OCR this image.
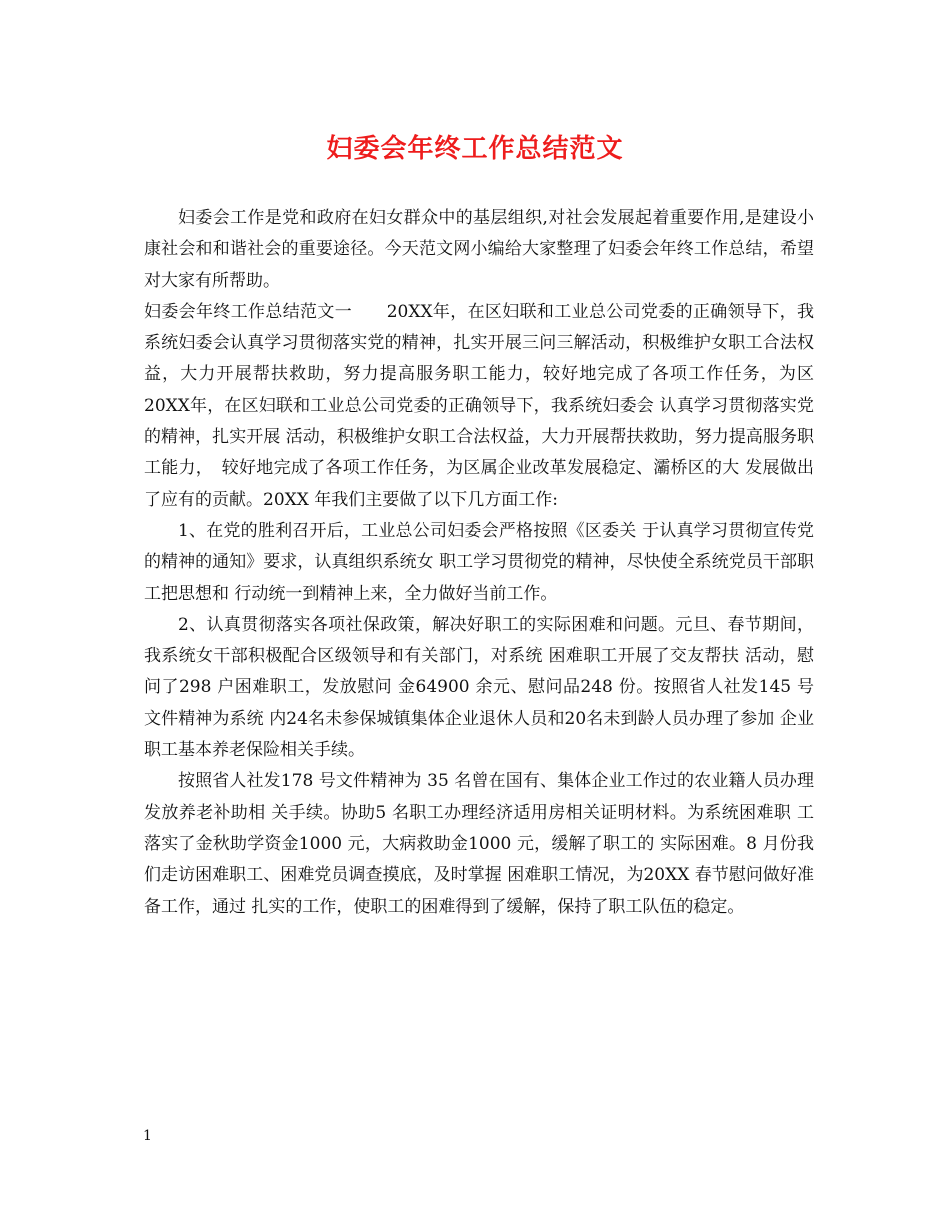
妇委会年终工作总结范文

妇委会工作是党和政府在妇女群众中的基层组织,对社会发展起着重要作用,是建设小康社会和和谐社会的重要途径。今天范文网小编给大家整理了妇委会年终工作总结，希望对大家有所帮助。

妇委会年终工作总结范文一　　20XX年，在区妇联和工业总公司党委的正确领导下，我系统妇委会认真学习贯彻落实党的精神，扎实开展三问三解活动，积极维护女职工合法权益，大力开展帮扶救助，努力提高服务职工能力，较好地完成了各项工作任务，为区 20XX年，在区妇联和工业总公司党委的正确领导下，我系统妇委会 认真学习贯彻落实党的精神，扎实开展 活动，积极维护女职工合法权益，大力开展帮扶救助，努力提高服务职工能力，　较好地完成了各项工作任务，为区属企业改革发展稳定、灞桥区的大 发展做出了应有的贡献。20XX 年我们主要做了以下几方面工作:

1、在党的胜利召开后，工业总公司妇委会严格按照《区委关 于认真学习贯彻宣传党的精神的通知》要求，认真组织系统女 职工学习贯彻党的精神，尽快使全系统党员干部职工把思想和 行动统一到精神上来，全力做好当前工作。

2、认真贯彻落实各项社保政策，解决好职工的实际困难和问题。元旦、春节期间，我系统女干部积极配合区级领导和有关部门，对系统 困难职工开展了交友帮扶 活动，慰问了298 户困难职工，发放慰问 金64900 余元、慰问品248 份。按照省人社发145 号文件精神为系统 内24名未参保城镇集体企业退休人员和20名未到龄人员办理了参加 企业职工基本养老保险相关手续。

按照省人社发178 号文件精神为 35 名曾在国有、集体企业工作过的农业籍人员办理发放养老补助相 关手续。协助5 名职工办理经济适用房相关证明材料。为系统困难职 工落实了金秋助学资金1000 元，大病救助金1000 元，缓解了职工的 实际困难。8 月份我们走访困难职工、困难党员调查摸底，及时掌握 困难职工情况，为20XX 春节慰问做好准备工作，通过 扎实的工作，使职工的困难得到了缓解，保持了职工队伍的稳定。

1
